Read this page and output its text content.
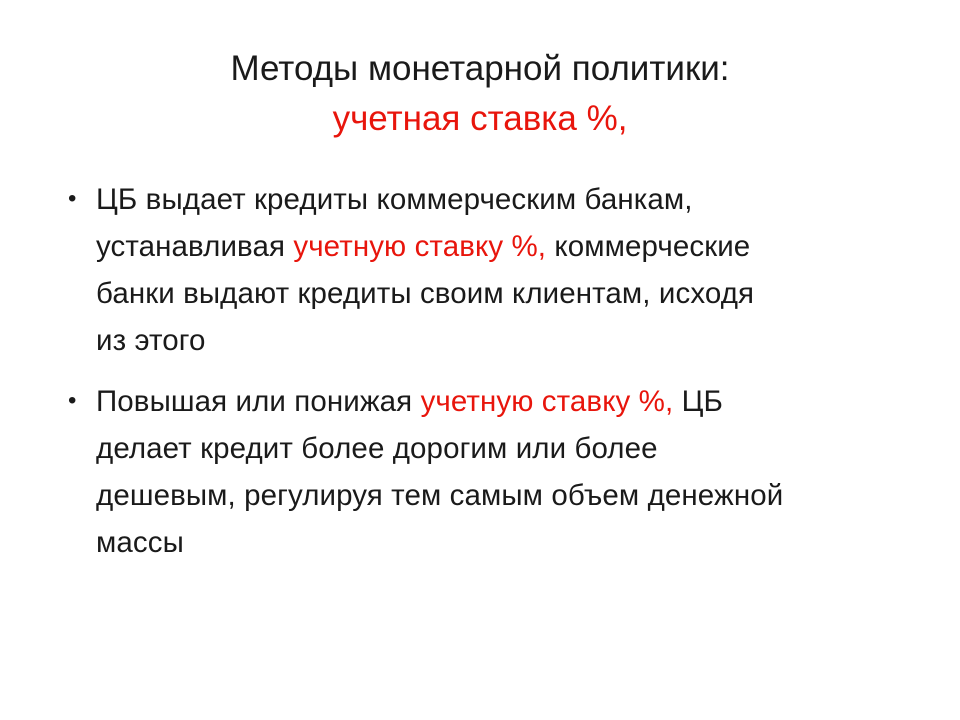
Методы монетарной политики:
учетная ставка %,
• ЦБ выдает кредиты коммерческим банкам,
устанавливая учетную ставку %, коммерческие
банки выдают кредиты своим клиентам, исходя
из этого
• Повышая или понижая учетную ставку %, ЦБ
делает кредит более дорогим или более
дешевым, регулируя тем самым объем денежной
массы
